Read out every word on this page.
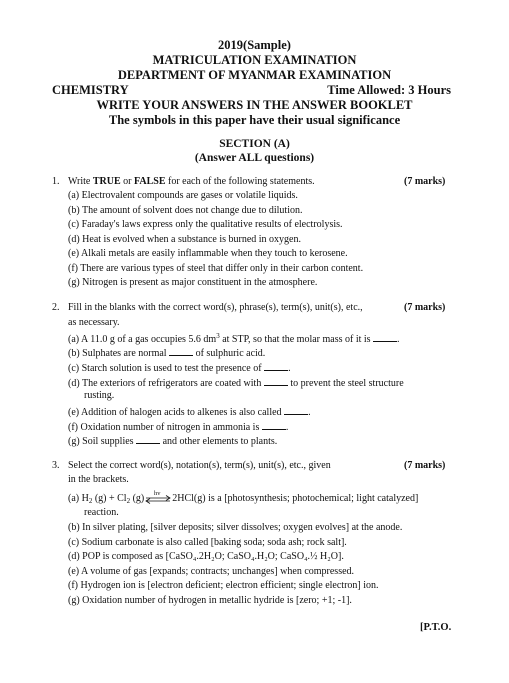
2019(Sample)
MATRICULATION EXAMINATION
DEPARTMENT OF MYANMAR EXAMINATION
CHEMISTRY	Time Allowed: 3 Hours
WRITE YOUR ANSWERS IN THE ANSWER BOOKLET
The symbols in this paper have their usual significance
SECTION (A)
(Answer ALL questions)
1. Write TRUE or FALSE for each of the following statements.	(7 marks)
(a) Electrovalent compounds are gases or volatile liquids.
(b) The amount of solvent does not change due to dilution.
(c) Faraday's laws express only the qualitative results of electrolysis.
(d) Heat is evolved when a substance is burned in oxygen.
(e) Alkali metals are easily inflammable when they touch to kerosene.
(f) There are various types of steel that differ only in their carbon content.
(g) Nitrogen is present as major constituent in the atmosphere.
2. Fill in the blanks with the correct word(s), phrase(s), term(s), unit(s), etc.,	(7 marks)
as necessary.
(a) A 11.0 g of a gas occupies 5.6 $dm^3$ at STP, so that the molar mass of it is	.
(b) Sulphates are normal	of sulphuric acid.
(c) Starch solution is used to test the presence of	.
(d) The exteriors of refrigerators are coated with	to prevent the steel structure
rusting.
(e) Addition of halogen acids to alkenes is also called	.
(f) Oxidation number of nitrogen in ammonia is	.
(g) Soil supplies	and other elements to plants.
3. Select the correct word(s), notation(s), term(s), unit(s), etc., given	(7 marks)
in the brackets.
(a) $H_2$ $(g) + Cl_2$ (g) hv 2HCl(g) is a [photosynthesis; photochemical; light catalyzed]
reaction.
(b) In silver plating, [silver deposits; silver dissolves; oxygen evolves] at the anode.
(c) Sodium carbonate is also called [baking soda; soda ash; rock salt].
(d) POP is composed as [CaSO₄.2H₂O; CaSO₄.H₂O; CaSO₄.½ H₂O].
(e) A volume of gas [expands; contracts; unchanges] when compressed.
(f) Hydrogen ion is [electron deficient; electron efficient; single electron] ion.
(g) Oxidation number of hydrogen in metallic hydride is [zero; +1; -1].
[P.T.O.
